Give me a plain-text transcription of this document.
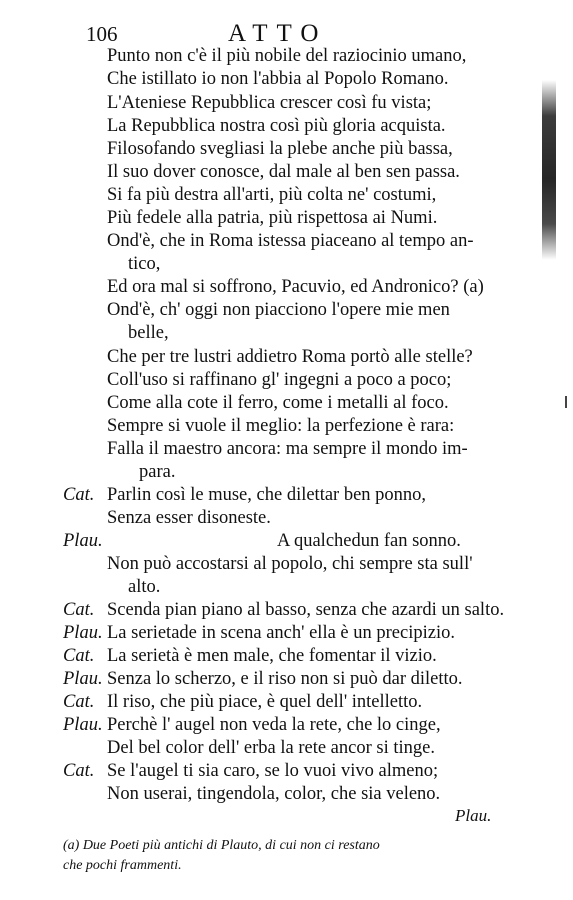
106	ATTO
Punto non c'è il più nobile del raziocinio umano,
Che istillato io non l'abbia al Popolo Romano.
L'Ateniese Repubblica crescer così fu vista;
La Repubblica nostra così più gloria acquista.
Filosofando svegliasi la plebe anche più bassa,
Il suo dover conosce, dal male al ben sen passa.
Si fa più destra all'arti, più colta ne' costumi,
Più fedele alla patria, più rispettosa ai Numi.
Ond'è, che in Roma istessa piaceano al tempo an-
tico,
Ed ora mal si soffrono, Pacuvio, ed Andronico? (a)
Ond'è, ch' oggi non piacciono l'opere mie men
belle,
Che per tre lustri addietro Roma portò alle stelle?
Coll'uso si raffinano gl' ingegni a poco a poco;
Come alla cote il ferro, come i metalli al foco.
Sempre si vuole il meglio: la perfezione è rara:
Falla il maestro ancora: ma sempre il mondo im-
para.
Cat. Parlin così le muse, che dilettar ben ponno,
Senza esser disoneste.
Plau.	A qualchedun fan sonno.
Non può accostarsi al popolo, chi sempre sta sull'
alto.
Cat. Scenda pian piano al basso, senza che azardi un salto.
Plau. La serietade in scena anch' ella è un precipizio.
Cat. La serietà è men male, che fomentar il vizio.
Plau. Senza lo scherzo, e il riso non si può dar diletto.
Cat. Il riso, che più piace, è quel dell' intelletto.
Plau. Perchè l' augel non veda la rete, che lo cinge,
Del bel color dell' erba la rete ancor si tinge.
Cat. Se l'augel ti sia caro, se lo vuoi vivo almeno;
Non userai, tingendola, color, che sia veleno.
Plau.
(a) Due Poeti più antichi di Plauto, di cui non ci restano
che pochi frammenti.
